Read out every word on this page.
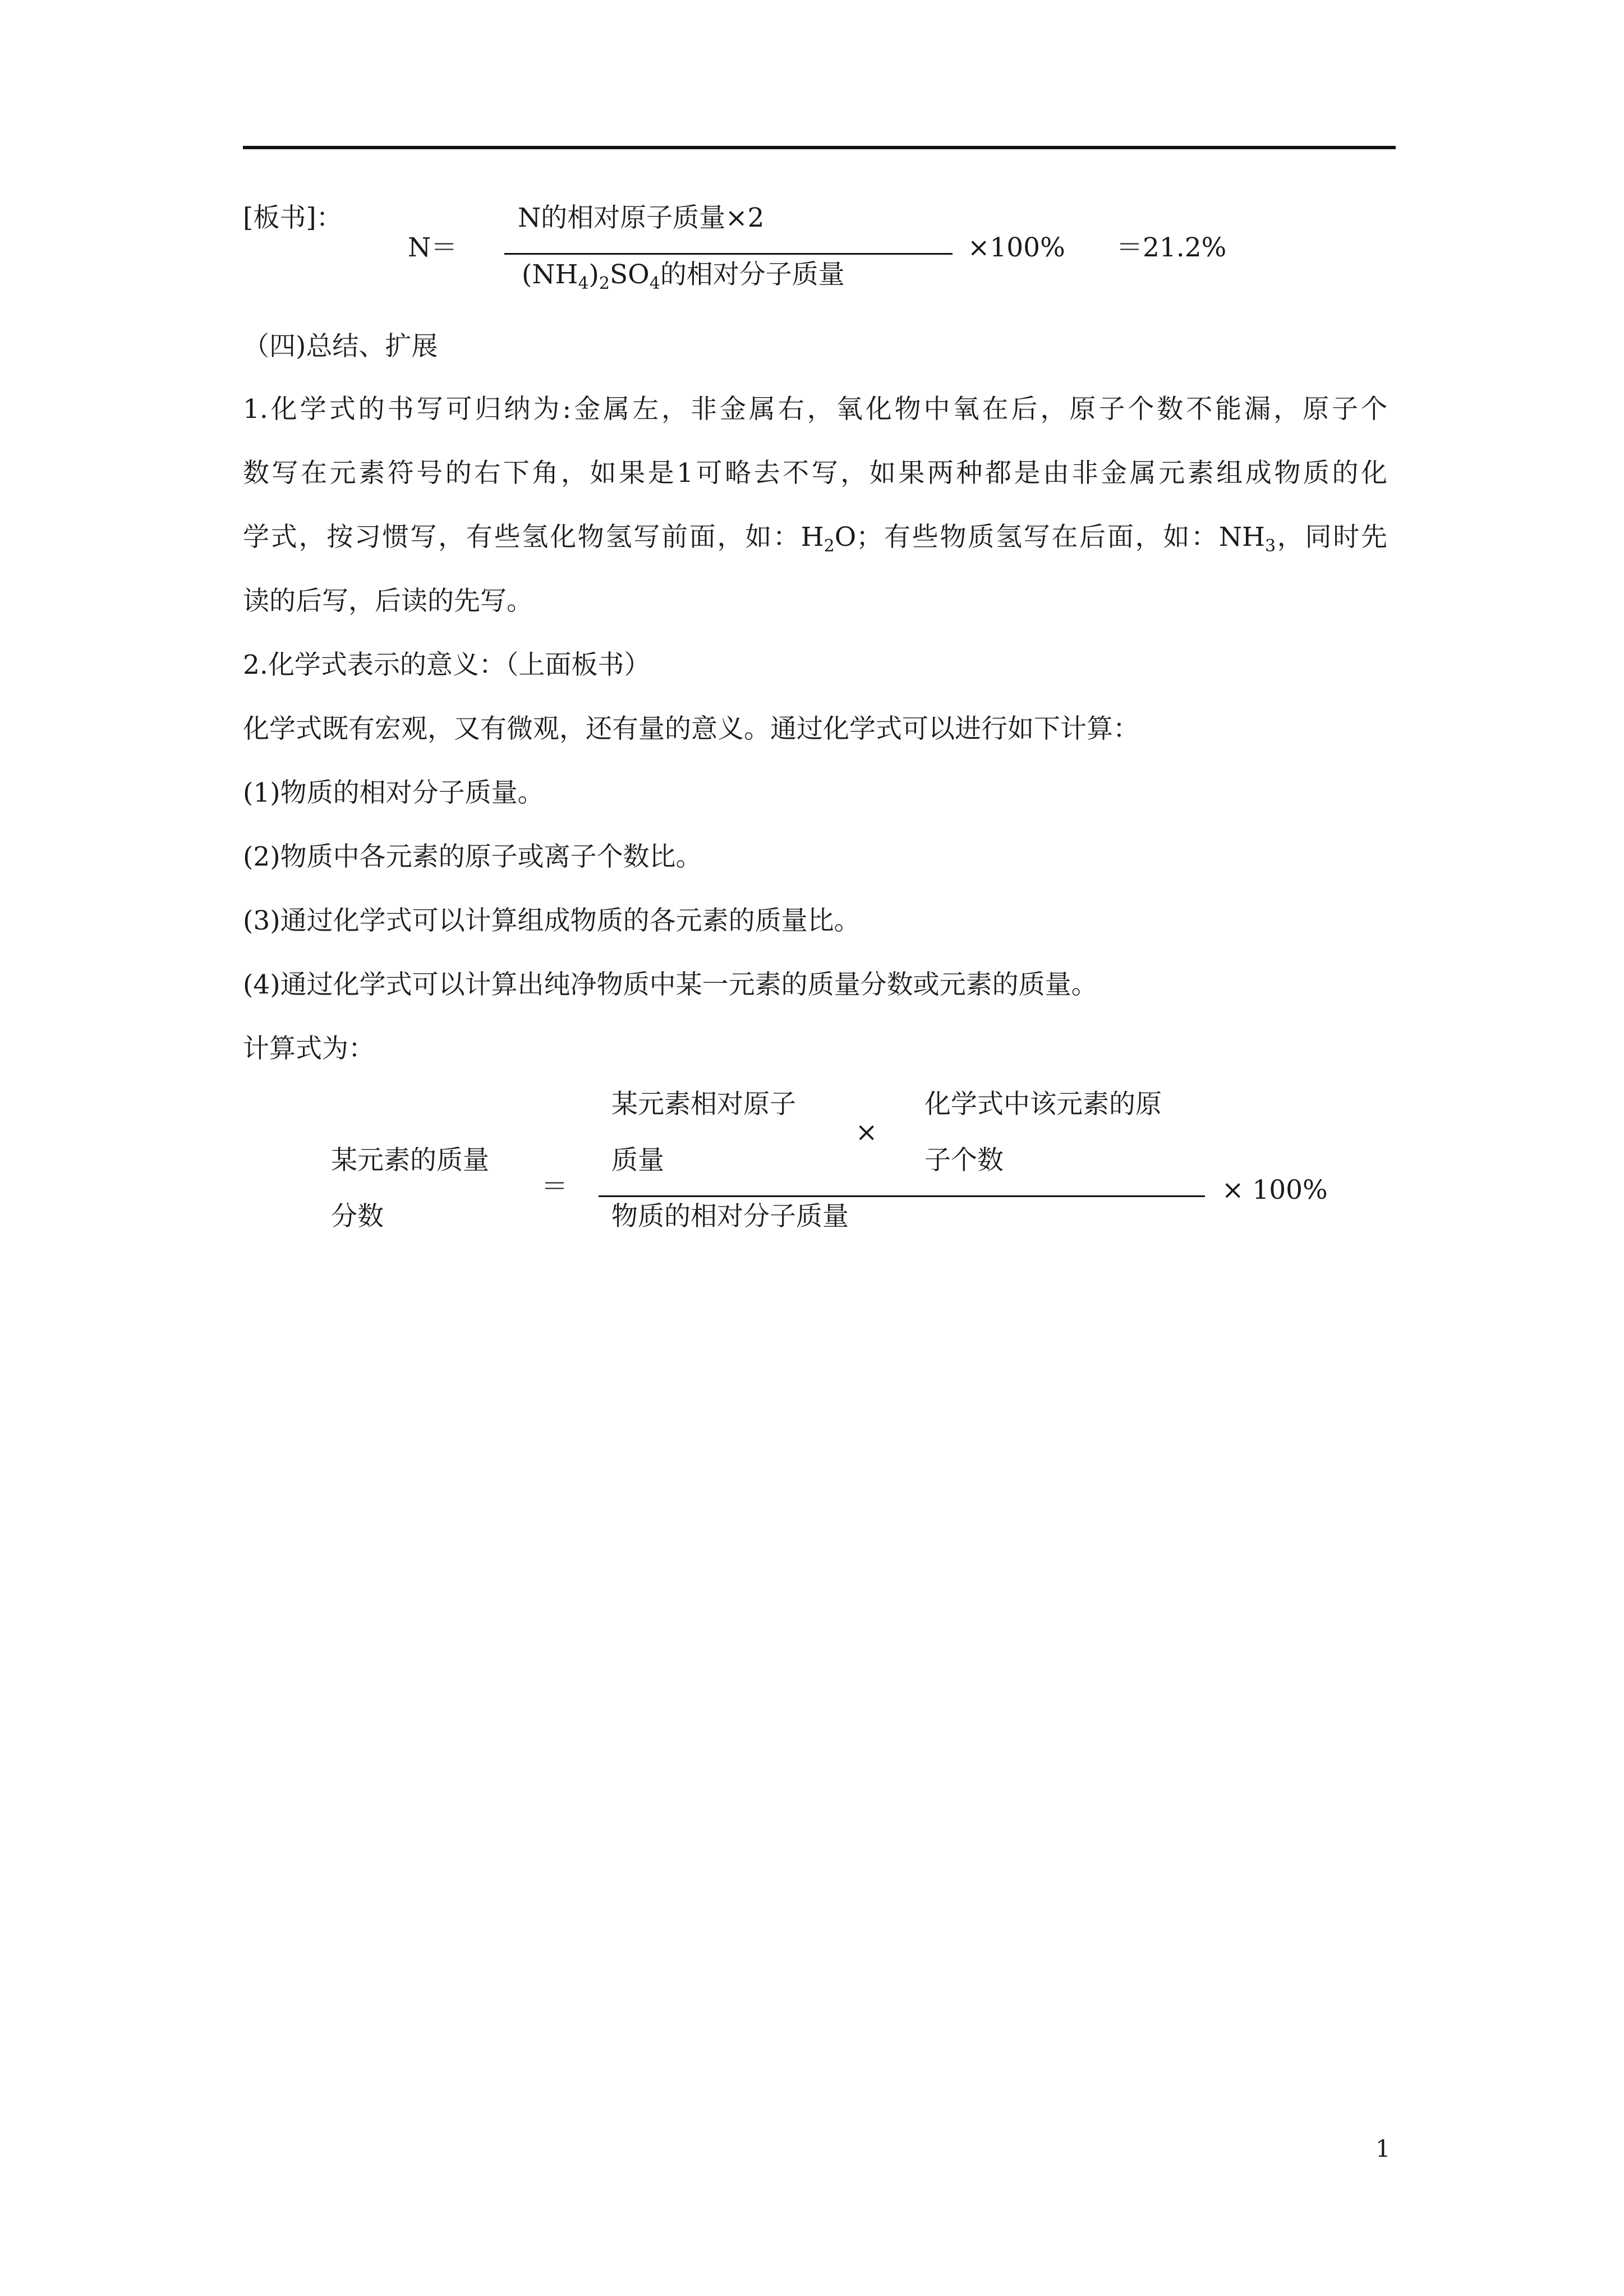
[板书]：
N＝
N的相对原子质量×2
$(NH_4)_2SO_4$的相对分子质量
×100% ＝21.2%
（四)总结、扩展
1.化学式的书写可归纳为:金属左，非金属右，氧化物中氧在后，原子个数不能漏，原子个
数写在元素符号的右下角，如果是1可略去不写，如果两种都是由非金属元素组成物质的化
学式，按习惯写，有些氢化物氢写前面，如：$H_2O$；有些物质氢写在后面，如：$NH_3$，同时先
读的后写，后读的先写。
2.化学式表示的意义：（上面板书）
化学式既有宏观，又有微观，还有量的意义。通过化学式可以进行如下计算：
(1)物质的相对分子质量。
(2)物质中各元素的原子或离子个数比。
(3)通过化学式可以计算组成物质的各元素的质量比。
(4)通过化学式可以计算出纯净物质中某一元素的质量分数或元素的质量。
计算式为：
某元素的质量
分数
＝
某元素相对原子
质量
×
化学式中该元素的原
子个数
物质的相对分子质量
× 100%
1
